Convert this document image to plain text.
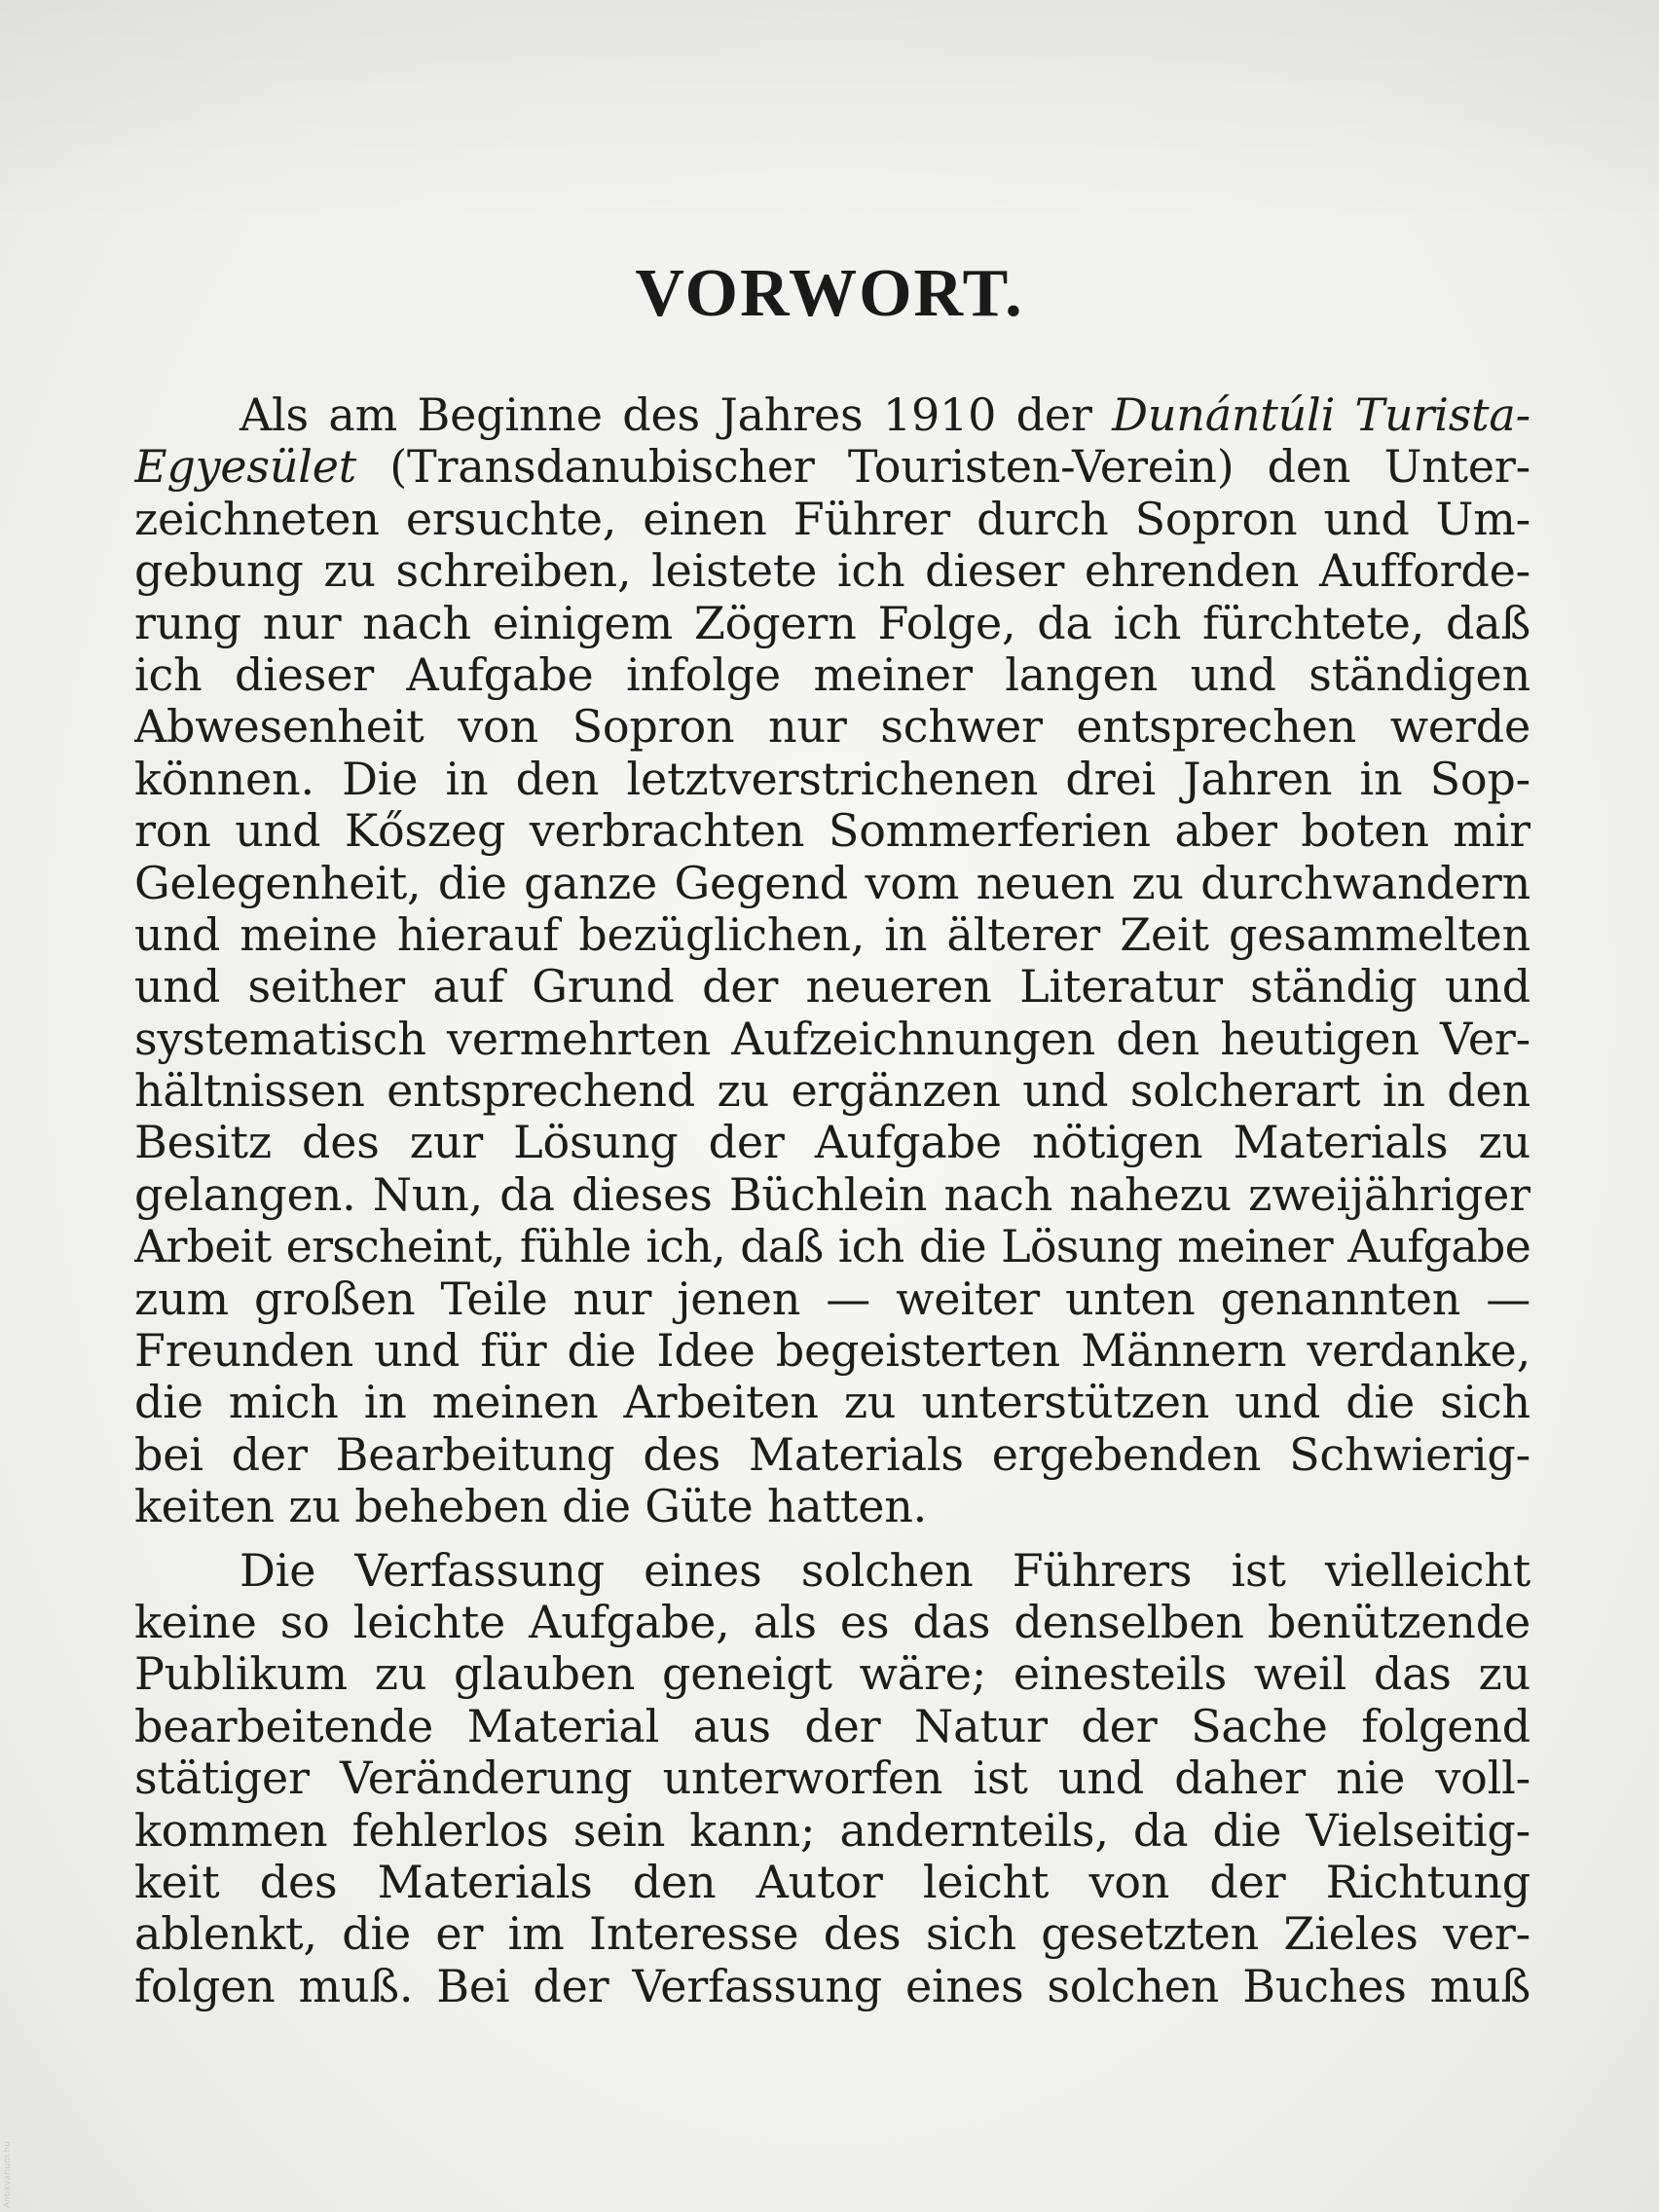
VORWORT.
Als am Beginne des Jahres 1910 der Dunántúli Turista-
Egyesület (Transdanubischer Touristen-Verein) den Unter-
zeichneten ersuchte, einen Führer durch Sopron und Um-
gebung zu schreiben, leistete ich dieser ehrenden Aufforde-
rung nur nach einigem Zögern Folge, da ich fürchtete, daß
ich dieser Aufgabe infolge meiner langen und ständigen
Abwesenheit von Sopron nur schwer entsprechen werde
können. Die in den letztverstrichenen drei Jahren in Sop-
ron und Kőszeg verbrachten Sommerferien aber boten mir
Gelegenheit, die ganze Gegend vom neuen zu durchwandern
und meine hierauf bezüglichen, in älterer Zeit gesammelten
und seither auf Grund der neueren Literatur ständig und
systematisch vermehrten Aufzeichnungen den heutigen Ver-
hältnissen entsprechend zu ergänzen und solcherart in den
Besitz des zur Lösung der Aufgabe nötigen Materials zu
gelangen. Nun, da dieses Büchlein nach nahezu zweijähriger
Arbeit erscheint, fühle ich, daß ich die Lösung meiner Aufgabe
zum großen Teile nur jenen — weiter unten genannten —
Freunden und für die Idee begeisterten Männern verdanke,
die mich in meinen Arbeiten zu unterstützen und die sich
bei der Bearbeitung des Materials ergebenden Schwierig-
keiten zu beheben die Güte hatten.
Die Verfassung eines solchen Führers ist vielleicht
keine so leichte Aufgabe, als es das denselben benützende
Publikum zu glauben geneigt wäre; einesteils weil das zu
bearbeitende Material aus der Natur der Sache folgend
stätiger Veränderung unterworfen ist und daher nie voll-
kommen fehlerlos sein kann; andernteils, da die Vielseitig-
keit des Materials den Autor leicht von der Richtung
ablenkt, die er im Interesse des sich gesetzten Zieles ver-
folgen muß. Bei der Verfassung eines solchen Buches muß
Antikvarium.hu
